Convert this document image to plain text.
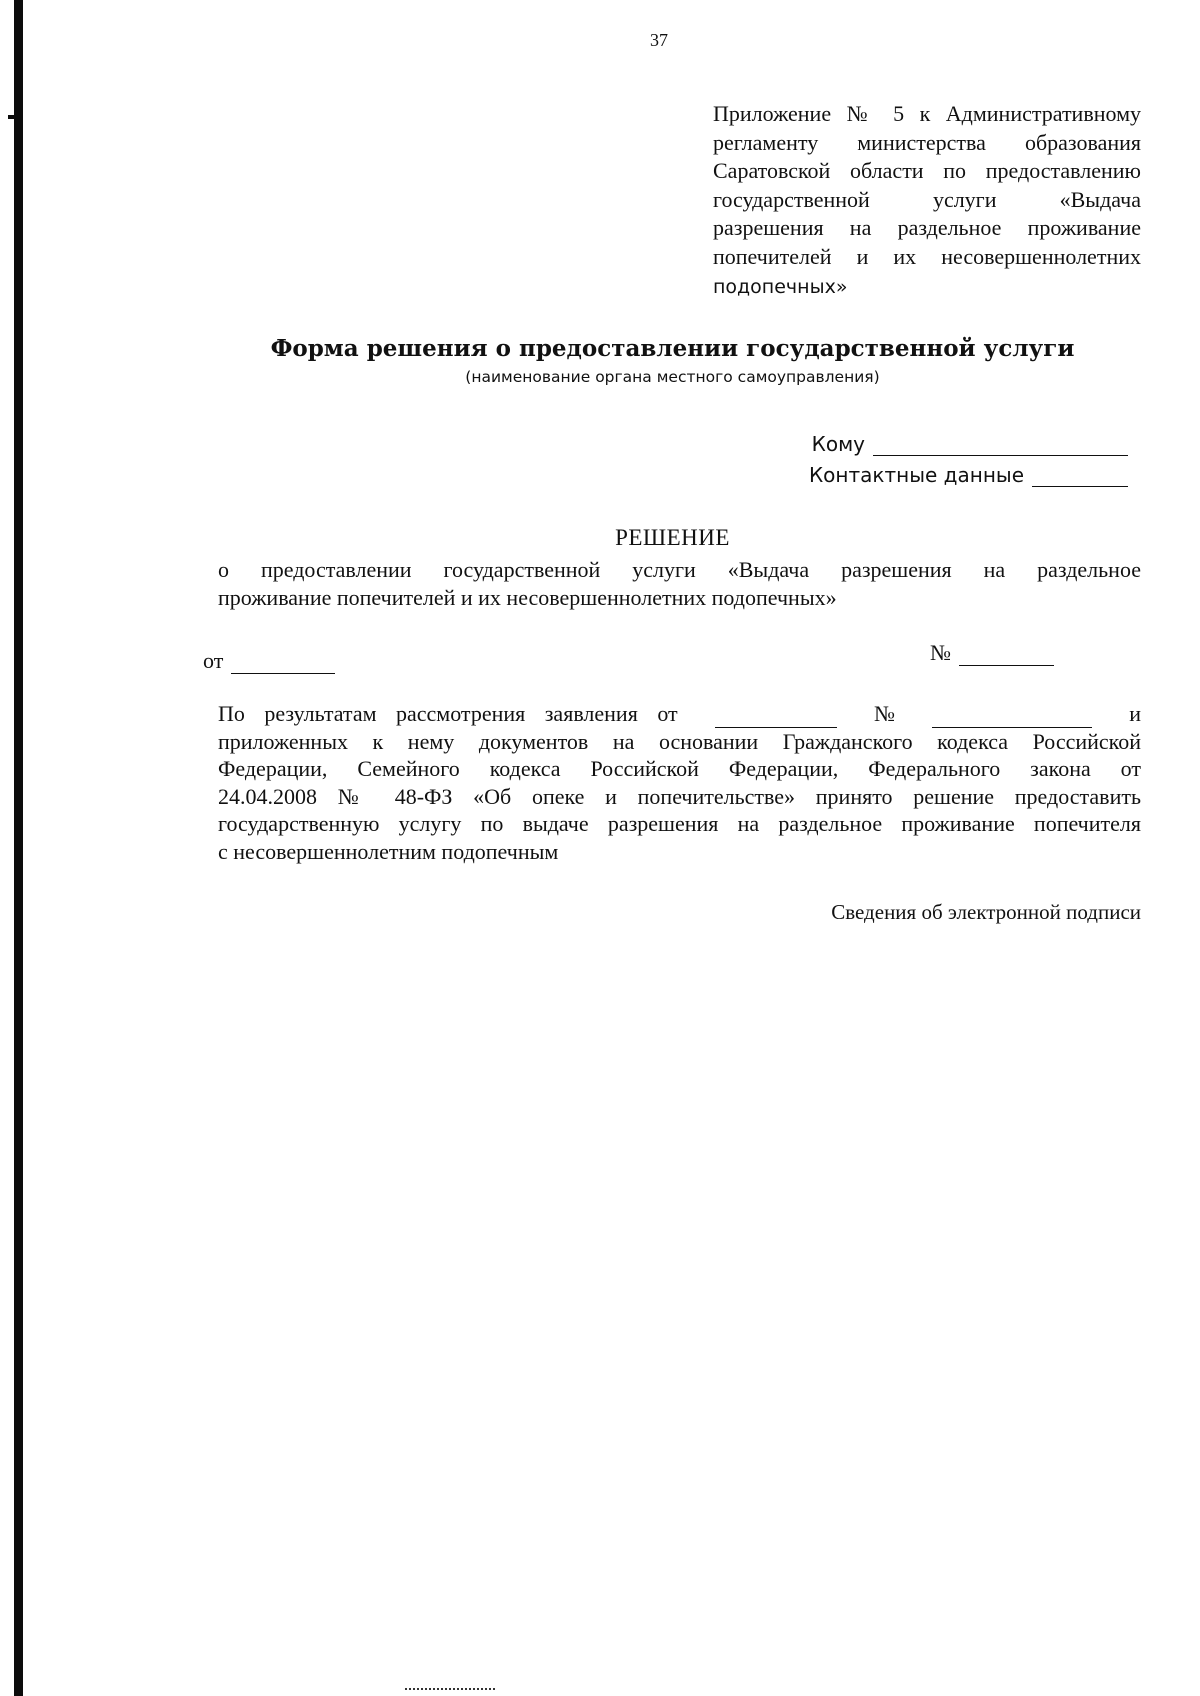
37
Приложение № 5 к Административному
регламенту министерства образования
Саратовской области по предоставлению
государственной услуги «Выдача
разрешения на раздельное проживание
попечителей и их несовершеннолетних
подопечных»
Форма решения о предоставлении государственной услуги
(наименование органа местного самоуправления)
Кому
Контактные данные
РЕШЕНИЕ
о предоставлении государственной услуги «Выдача разрешения на раздельное
проживание попечителей и их несовершеннолетних подопечных»
от	№
По результатам рассмотрения заявления от	№	и
приложенных к нему документов на основании Гражданского кодекса Российской
Федерации, Семейного кодекса Российской Федерации, Федерального закона от
24.04.2008 № 48-ФЗ «Об опеке и попечительстве» принято решение предоставить
государственную услугу по выдаче разрешения на раздельное проживание попечителя
с несовершеннолетним подопечным
Сведения об электронной подписи
